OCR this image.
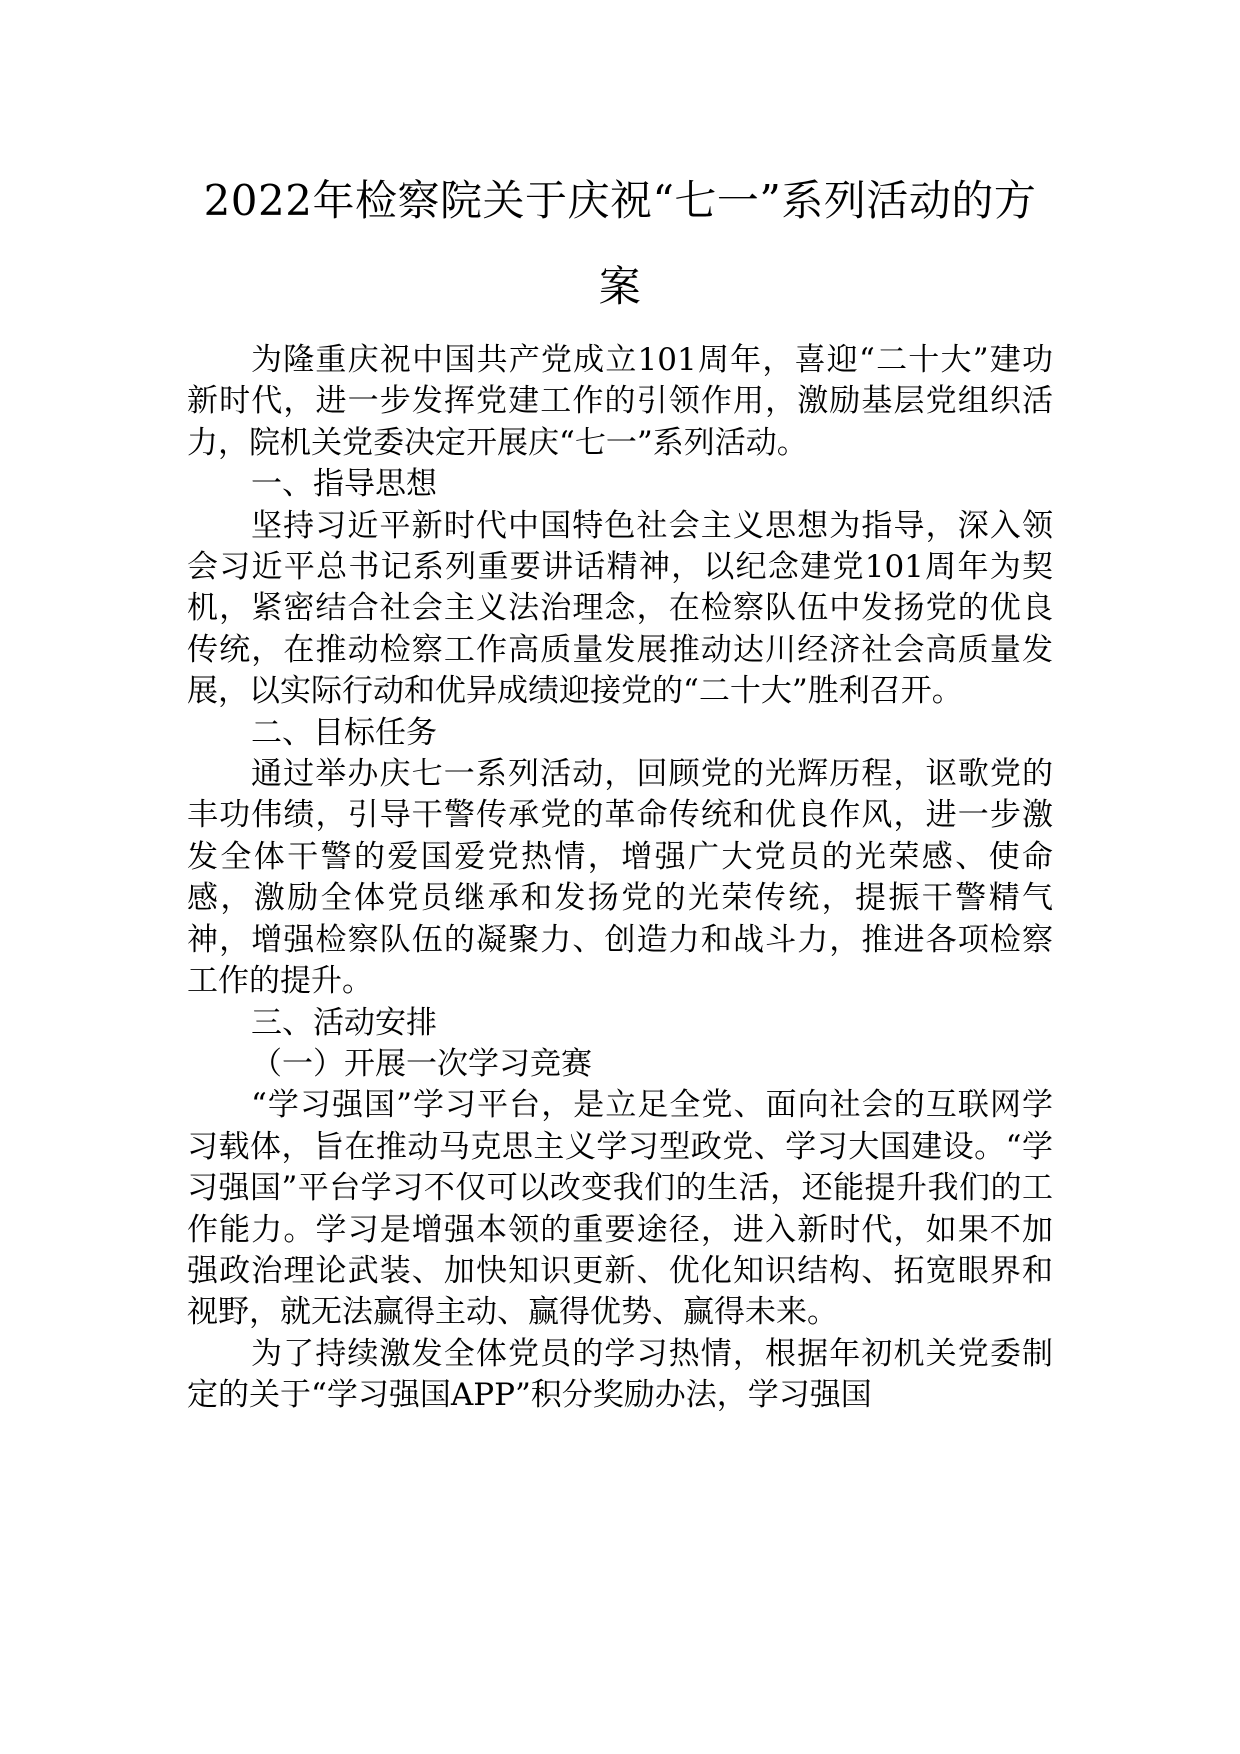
2022年检察院关于庆祝“七一”系列活动的方案

为隆重庆祝中国共产党成立101周年，喜迎“二十大”建功新时代，进一步发挥党建工作的引领作用，激励基层党组织活力，院机关党委决定开展庆“七一”系列活动。

一、指导思想

坚持习近平新时代中国特色社会主义思想为指导，深入领会习近平总书记系列重要讲话精神，以纪念建党101周年为契机，紧密结合社会主义法治理念，在检察队伍中发扬党的优良传统，在推动检察工作高质量发展推动达川经济社会高质量发展，以实际行动和优异成绩迎接党的“二十大”胜利召开。

二、目标任务

通过举办庆七一系列活动，回顾党的光辉历程，讴歌党的丰功伟绩，引导干警传承党的革命传统和优良作风，进一步激发全体干警的爱国爱党热情，增强广大党员的光荣感、使命感，激励全体党员继承和发扬党的光荣传统，提振干警精气神，增强检察队伍的凝聚力、创造力和战斗力，推进各项检察工作的提升。

三、活动安排

（一）开展一次学习竞赛

“学习强国”学习平台，是立足全党、面向社会的互联网学习载体，旨在推动马克思主义学习型政党、学习大国建设。“学习强国”平台学习不仅可以改变我们的生活，还能提升我们的工作能力。学习是增强本领的重要途径，进入新时代，如果不加强政治理论武装、加快知识更新、优化知识结构、拓宽眼界和视野，就无法赢得主动、赢得优势、赢得未来。

为了持续激发全体党员的学习热情，根据年初机关党委制定的关于“学习强国APP”积分奖励办法，学习强国
